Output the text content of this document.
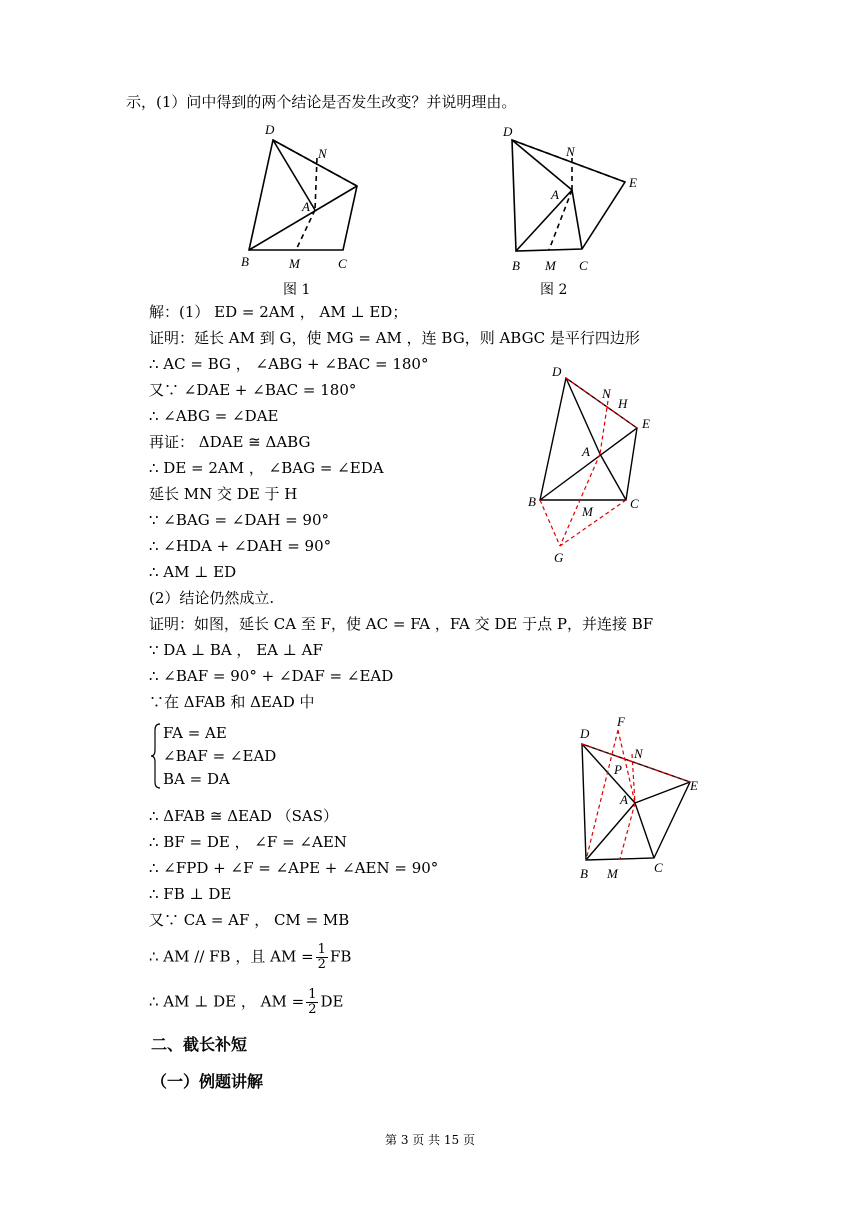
示，(1）问中得到的两个结论是否发生改变？并说明理由。
D
N
A
B	M	C
图 1
D
N
A
E
B M C
图 2
解：(1） ED = 2AM ， AM ⊥ ED；
证明：延长 AM 到 G，使 MG = AM ，连 BG，则 ABGC 是平行四边形
∴ AC = BG ， ∠ABG + ∠BAC = 180°
又∵ ∠DAE + ∠BAC = 180°
∴ ∠ABG = ∠DAE
再证： ΔDAE ≅ ΔABG
∴ DE = 2AM ， ∠BAG = ∠EDA
延长 MN 交 DE 于 H
∵ ∠BAG = ∠DAH = 90°
∴ ∠HDA + ∠DAH = 90°
∴ AM ⊥ ED
(2）结论仍然成立.
证明：如图，延长 CA 至 F，使 AC = FA ，FA 交 DE 于点 P，并连接 BF
∵ DA ⊥ BA ， EA ⊥ AF
∴ ∠BAF = 90° + ∠DAF = ∠EAD
∵在 ΔFAB 和 ΔEAD 中
D
N
H
E
A
B
M
C
G
FA = AE
∠BAF = ∠EAD
BA = DA
F
D
N
P
A
E
B M	C
∴ ΔFAB ≅ ΔEAD （SAS）
∴ BF = DE ， ∠F = ∠AEN
∴ ∠FPD + ∠F = ∠APE + ∠AEN = 90°
∴ FB ⊥ DE
又∵ CA = AF ， CM = MB
∴ AM // FB ，且 AM = $\frac{1}{2}$ FB
∴ AM ⊥ DE ， AM = $\frac{1}{2}$ DE
二、截长补短
（一）例题讲解
第 3 页 共 15 页
